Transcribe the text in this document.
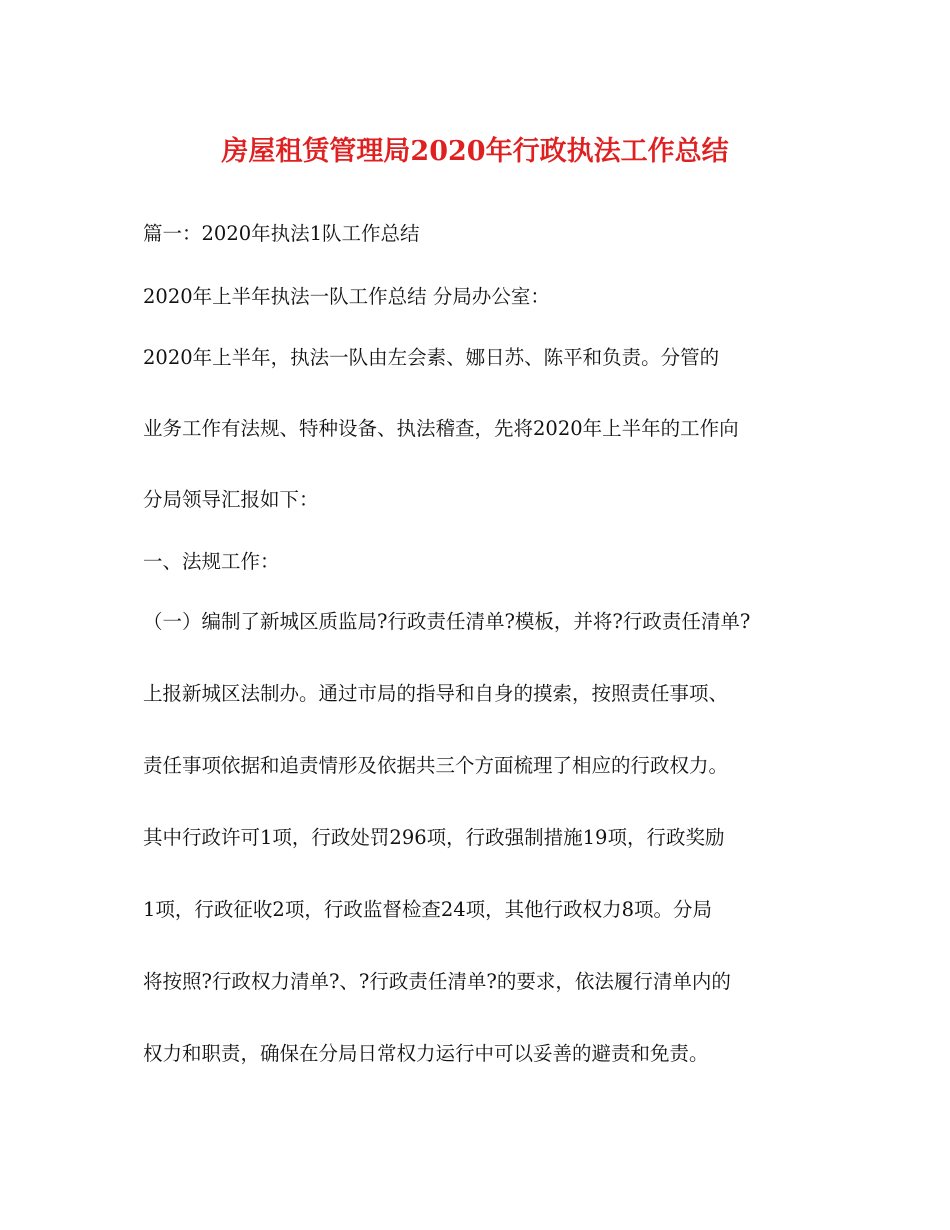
房屋租赁管理局2020年行政执法工作总结
篇一：2020年执法1队工作总结
2020年上半年执法一队工作总结 分局办公室：
2020年上半年，执法一队由左会素、娜日苏、陈平和负责。分管的
业务工作有法规、特种设备、执法稽查，先将2020年上半年的工作向
分局领导汇报如下：
一、法规工作：
（一）编制了新城区质监局?行政责任清单?模板，并将?行政责任清单?
上报新城区法制办。通过市局的指导和自身的摸索，按照责任事项、
责任事项依据和追责情形及依据共三个方面梳理了相应的行政权力。
其中行政许可1项，行政处罚296项，行政强制措施19项，行政奖励
1项，行政征收2项，行政监督检查24项，其他行政权力8项。分局
将按照?行政权力清单?、?行政责任清单?的要求，依法履行清单内的
权力和职责，确保在分局日常权力运行中可以妥善的避责和免责。
